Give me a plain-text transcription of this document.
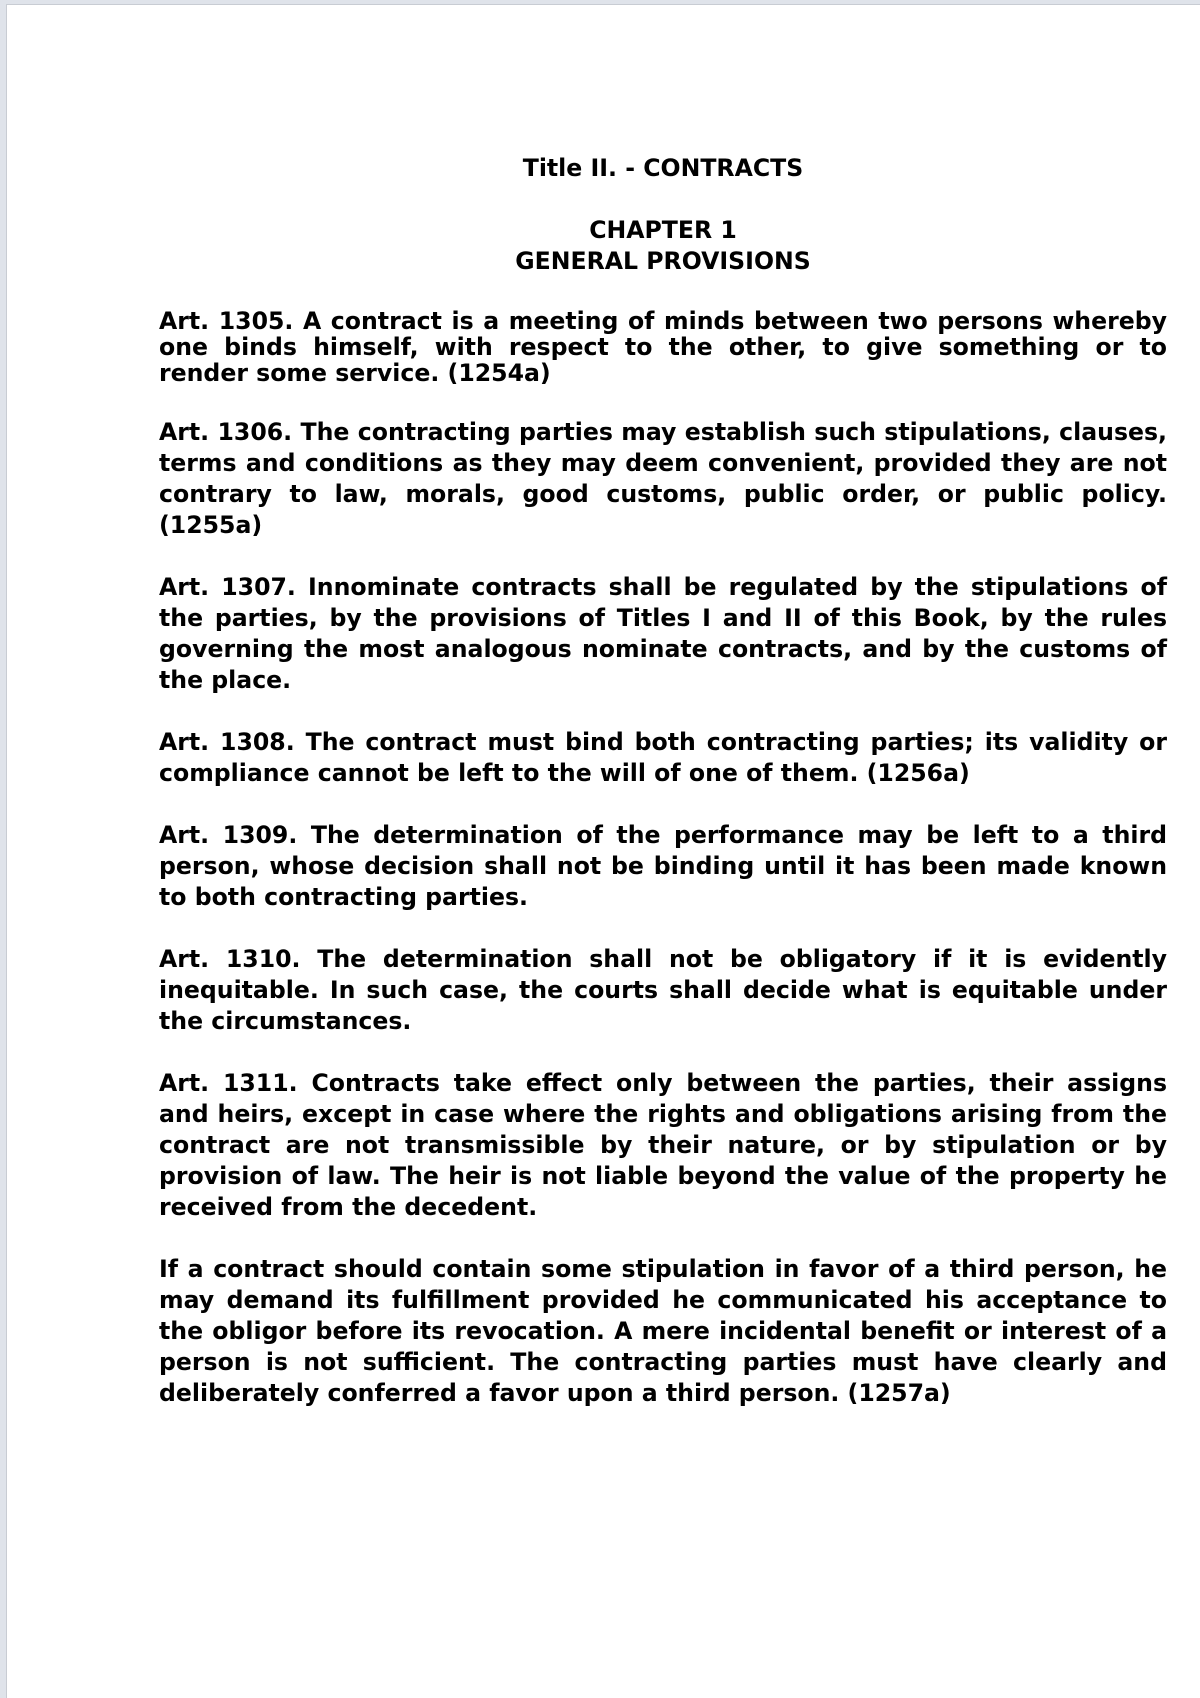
Title II. - CONTRACTS
CHAPTER 1
GENERAL PROVISIONS

Art. 1305. A contract is a meeting of minds between two persons whereby one binds himself, with respect to the other, to give something or to render some service. (1254a)

Art. 1306. The contracting parties may establish such stipulations, clauses, terms and conditions as they may deem convenient, provided they are not contrary to law, morals, good customs, public order, or public policy. (1255a)

Art. 1307. Innominate contracts shall be regulated by the stipulations of the parties, by the provisions of Titles I and II of this Book, by the rules governing the most analogous nominate contracts, and by the customs of the place.

Art. 1308. The contract must bind both contracting parties; its validity or compliance cannot be left to the will of one of them. (1256a)

Art. 1309. The determination of the performance may be left to a third person, whose decision shall not be binding until it has been made known to both contracting parties.

Art. 1310. The determination shall not be obligatory if it is evidently inequitable. In such case, the courts shall decide what is equitable under the circumstances.

Art. 1311. Contracts take effect only between the parties, their assigns and heirs, except in case where the rights and obligations arising from the contract are not transmissible by their nature, or by stipulation or by provision of law. The heir is not liable beyond the value of the property he received from the decedent.

If a contract should contain some stipulation in favor of a third person, he may demand its fulfillment provided he communicated his acceptance to the obligor before its revocation. A mere incidental benefit or interest of a person is not sufficient. The contracting parties must have clearly and deliberately conferred a favor upon a third person. (1257a)
